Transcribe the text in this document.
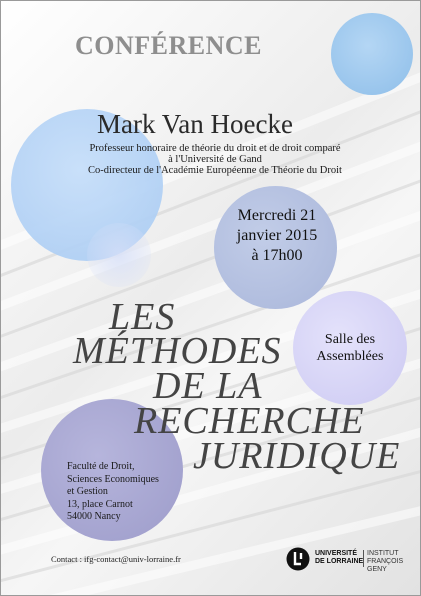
CONFÉRENCE
Mark Van Hoecke
Professeur honoraire de théorie du droit et de droit comparé
à l'Université de Gand
Co-directeur de l'Académie Européenne de Théorie du Droit
Mercredi 21
janvier 2015
à 17h00
Salle des
Assemblées
LES
MÉTHODES
DE LA
RECHERCHE
JURIDIQUE
Faculté de Droit,
Sciences Economiques
et Gestion
13, place Carnot
54000 Nancy
Contact : ifg-contact@univ-lorraine.fr
UNIVERSITÉ
DE LORRAINE
INSTITUT
FRANÇOIS GENY
